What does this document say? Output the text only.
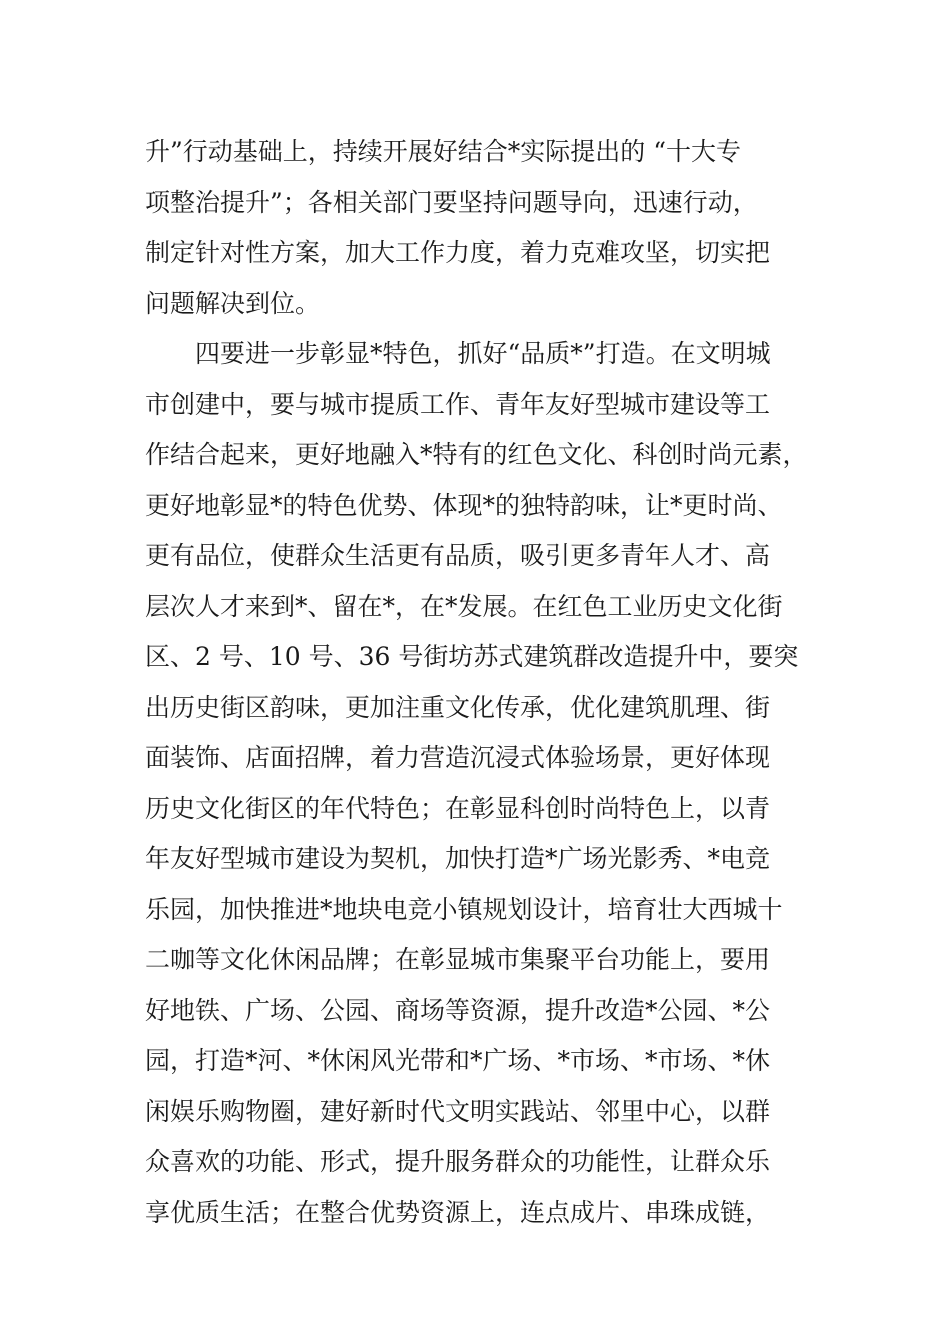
升”行动基础上，持续开展好结合*实际提出的 “十大专
项整治提升”；各相关部门要坚持问题导向，迅速行动，
制定针对性方案，加大工作力度，着力克难攻坚，切实把
问题解决到位。
　　四要进一步彰显*特色，抓好“品质*”打造。在文明城
市创建中，要与城市提质工作、青年友好型城市建设等工
作结合起来，更好地融入*特有的红色文化、科创时尚元素，
更好地彰显*的特色优势、体现*的独特韵味，让*更时尚、
更有品位，使群众生活更有品质，吸引更多青年人才、高
层次人才来到*、留在*，在*发展。在红色工业历史文化街
区、2 号、10 号、36 号街坊苏式建筑群改造提升中，要突
出历史街区韵味，更加注重文化传承，优化建筑肌理、街
面装饰、店面招牌，着力营造沉浸式体验场景，更好体现
历史文化街区的年代特色；在彰显科创时尚特色上，以青
年友好型城市建设为契机，加快打造*广场光影秀、*电竞
乐园，加快推进*地块电竞小镇规划设计，培育壮大西城十
二咖等文化休闲品牌；在彰显城市集聚平台功能上，要用
好地铁、广场、公园、商场等资源，提升改造*公园、*公
园，打造*河、*休闲风光带和*广场、*市场、*市场、*休
闲娱乐购物圈，建好新时代文明实践站、邻里中心，以群
众喜欢的功能、形式，提升服务群众的功能性，让群众乐
享优质生活；在整合优势资源上，连点成片、串珠成链，
